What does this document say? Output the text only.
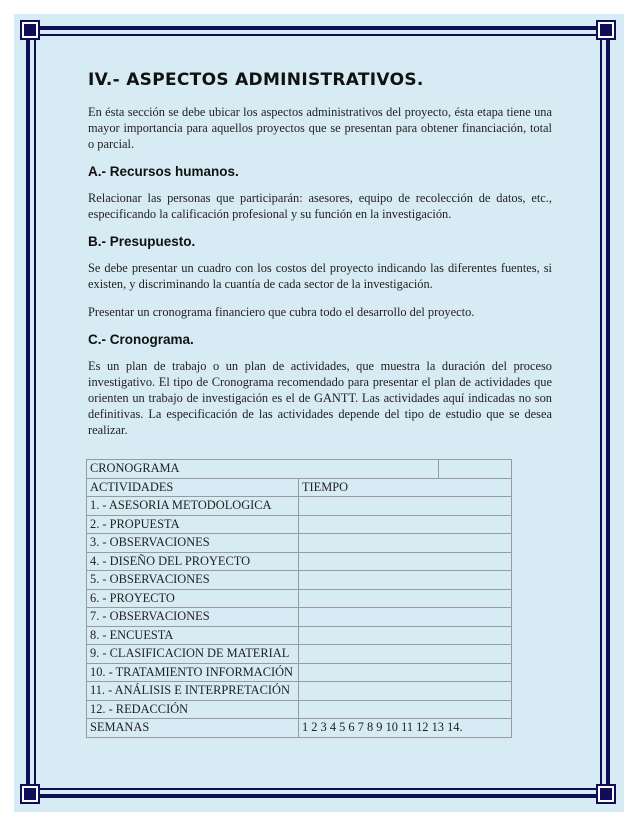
IV.- ASPECTOS ADMINISTRATIVOS.

En ésta sección se debe ubicar los aspectos administrativos del proyecto, ésta etapa tiene una mayor importancia para aquellos proyectos que se presentan para obtener financiación, total o parcial.

A.- Recursos humanos.

Relacionar las personas que participarán: asesores, equipo de recolección de datos, etc., especificando la calificación profesional y su función en la investigación.

B.- Presupuesto.

Se debe presentar un cuadro con los costos del proyecto indicando las diferentes fuentes, si existen, y discriminando la cuantía de cada sector de la investigación.

Presentar un cronograma financiero que cubra todo el desarrollo del proyecto.

C.- Cronograma.

Es un plan de trabajo o un plan de actividades, que muestra la duración del proceso investigativo. El tipo de Cronograma recomendado para presentar el plan de actividades que orienten un trabajo de investigación es el de GANTT. Las actividades aquí indicadas no son definitivas. La especificación de las actividades depende del tipo de estudio que se desea realizar.

CRONOGRAMA		
ACTIVIDADES	TIEMPO	
1. - ASESORIA METODOLOGICA		
2. - PROPUESTA		
3. - OBSERVACIONES		
4. - DISEÑO DEL PROYECTO		
5. - OBSERVACIONES		
6. - PROYECTO		
7. - OBSERVACIONES		
8. - ENCUESTA		
9. - CLASIFICACION DE MATERIAL		
10. - TRATAMIENTO INFORMACIÓN		
11. - ANÁLISIS E INTERPRETACIÓN		
12. - REDACCIÓN		
SEMANAS	1 2 3 4 5 6 7 8 9 10 11 12 13 14.	
